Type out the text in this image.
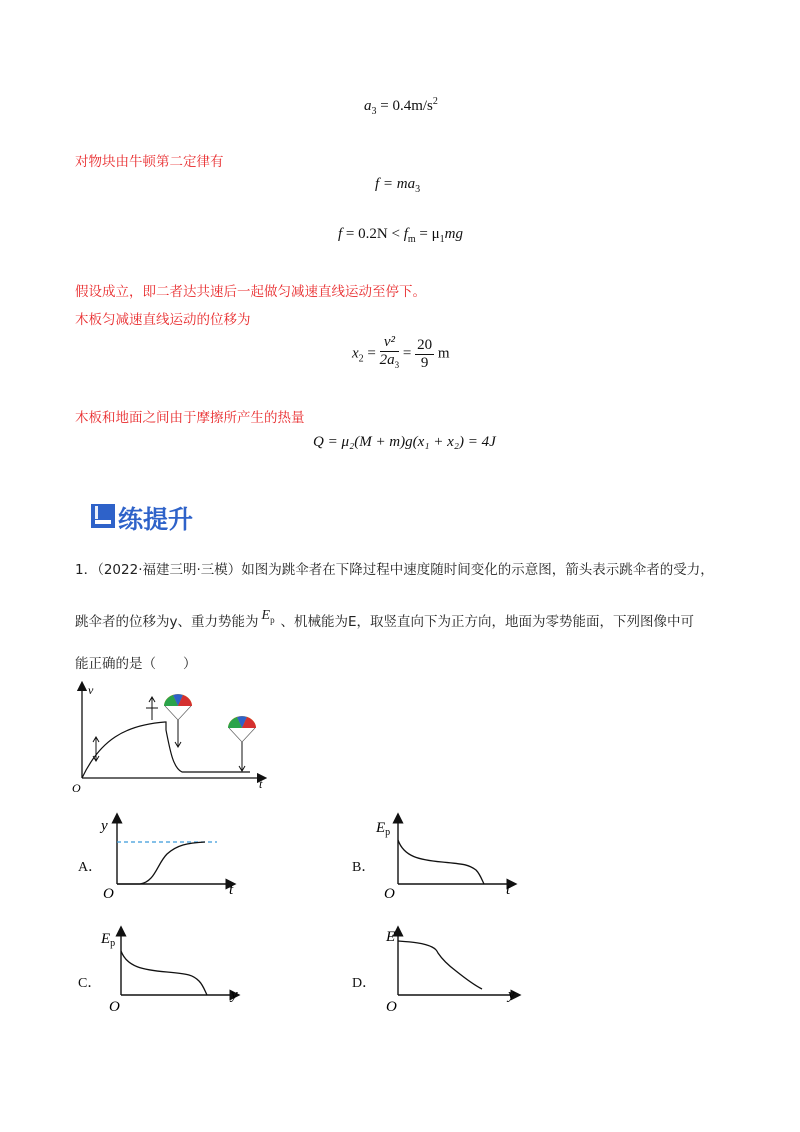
$a_3 = 0.4m/s^2$
对物块由牛顿第二定律有
$f = ma_3$
$f = 0.2N < f_m = \mu_1mg$
假设成立，即二者达共速后一起做匀减速直线运动至停下。
木板匀减速直线运动的位移为
$x_2 = \frac{\text{v²}}{2a_3} = \frac{20}{9}$ m
木板和地面之间由于摩擦所产生的热量
Q = μ₂(M + m)g(x₁ + x₂) = 4J
练提升
1．（2022·福建三明·三模）如图为跳伞者在下降过程中速度随时间变化的示意图，箭头表示跳伞者的受力，
跳伞者的位移为y、重力势能为 $E_p$ 、机械能为E，取竖直向下为正方向，地面为零势能面，下列图像中可
能正确的是（　　）
v
t
O
A．
y
t
O
B．
$E_p$
t
O
C．
$E_p$
y
O
D．
E
y
O
